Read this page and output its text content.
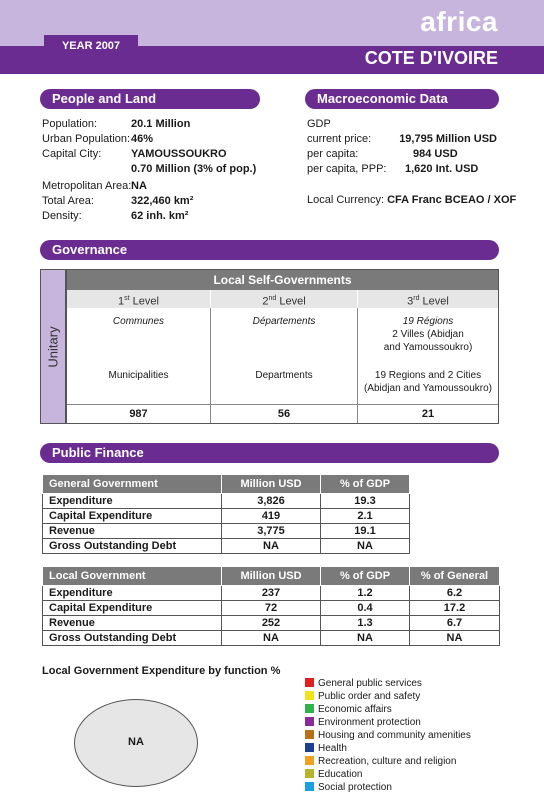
africa
YEAR 2007
COTE D'IVOIRE
People and Land
Population:	20.1 Million
Urban Population:46%
Capital City:	YAMOUSSOUKRO
0.70 Million (3% of pop.)
Metropolitan Area:NA
Total Area:	322,460 km²
Density:	62 inh. km²
Macroeconomic Data
GDP
current price:	19,795 Million USD
per capita:	984 USD
per capita, PPP: 1,620 Int. USD
Local Currency: CFA Franc BCEAO / XOF
Governance
Unitary
Local Self-Governments
1st Level	2nd Level	3rd Level
Communes	Départements	19 Régions
2 Villes (Abidjan
and Yamoussoukro)
Municipalities	Departments	19 Regions and 2 Cities
(Abidjan and Yamoussoukro)
987	56	21
Public Finance
General Government	Million USD	% of GDP
Expenditure	3,826	19.3
Capital Expenditure	419	2.1
Revenue	3,775	19.1
Gross Outstanding Debt	NA	NA
Local Government	Million USD	% of GDP	% of General
Expenditure	237	1.2	6.2
Capital Expenditure	72	0.4	17.2
Revenue	252	1.3	6.7
Gross Outstanding Debt	NA	NA	NA
Local Government Expenditure by function %
NA
General public services
Public order and safety
Economic affairs
Environment protection
Housing and community amenities
Health
Recreation, culture and religion
Education
Social protection
